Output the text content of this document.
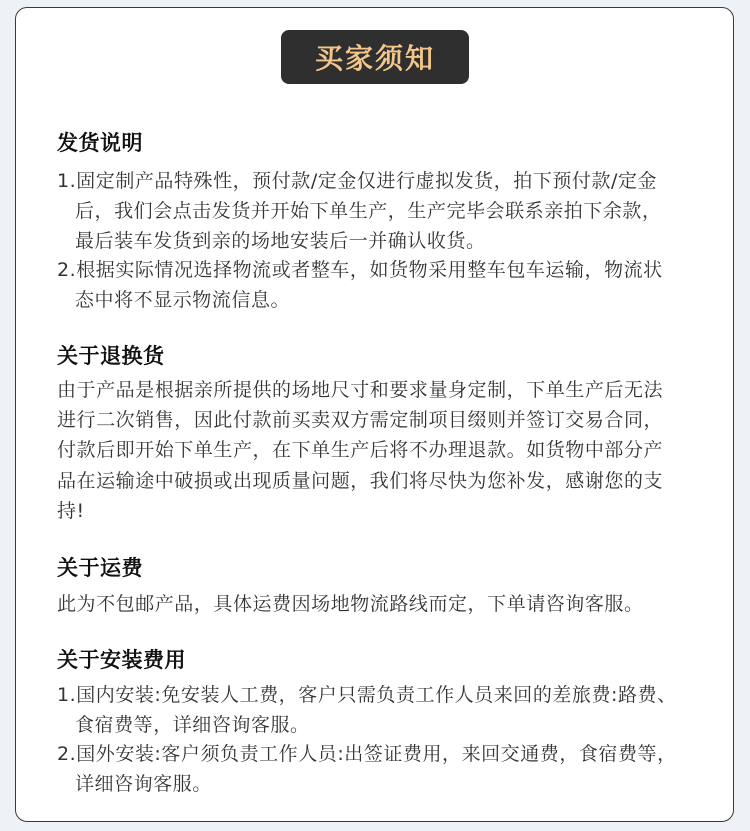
买家须知
发货说明
1.固定制产品特殊性，预付款/定金仅进行虚拟发货，拍下预付款/定金
后，我们会点击发货并开始下单生产，生产完毕会联系亲拍下余款，
最后装车发货到亲的场地安装后一并确认收货。
2.根据实际情况选择物流或者整车，如货物采用整车包车运输，物流状
态中将不显示物流信息。
关于退换货
由于产品是根据亲所提供的场地尺寸和要求量身定制，下单生产后无法
进行二次销售，因此付款前买卖双方需定制项目缀则并签订交易合同，
付款后即开始下单生产，在下单生产后将不办理退款。如货物中部分产
品在运输途中破损或出现质量问题，我们将尽快为您补发，感谢您的支
持!
关于运费
此为不包邮产品，具体运费因场地物流路线而定，下单请咨询客服。
关于安装费用
1.国内安装:免安装人工费，客户只需负责工作人员来回的差旅费:路费、
食宿费等，详细咨询客服。
2.国外安装:客户须负责工作人员:出签证费用，来回交通费，食宿费等，
详细咨询客服。
